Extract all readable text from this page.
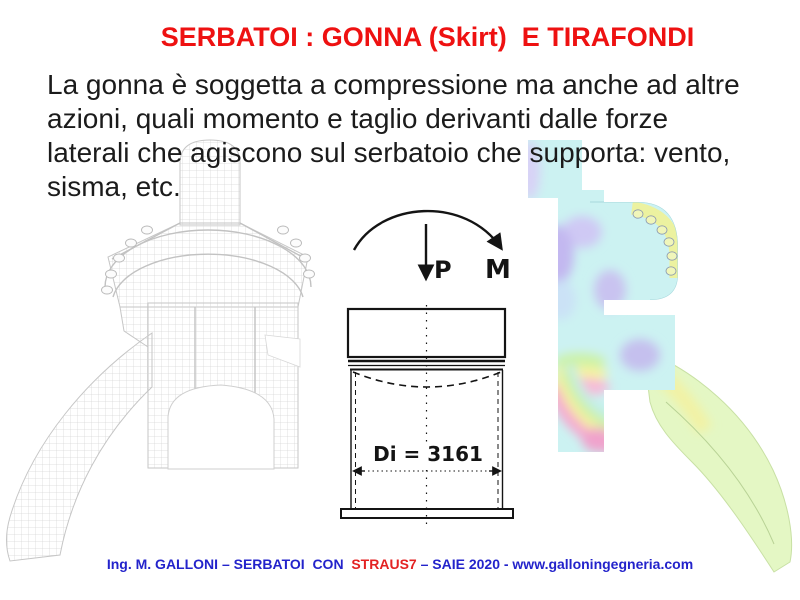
P M
Di = 3161
SERBATOI : GONNA (Skirt)  E TIRAFONDI
La gonna è soggetta a compressione ma anche ad altre
azioni, quali momento e taglio derivanti dalle forze
laterali che agiscono sul serbatoio che supporta: vento,
sisma, etc.
Ing. M. GALLONI – SERBATOI  CON  STRAUS7 – SAIE 2020 - www.galloningegneria.com
